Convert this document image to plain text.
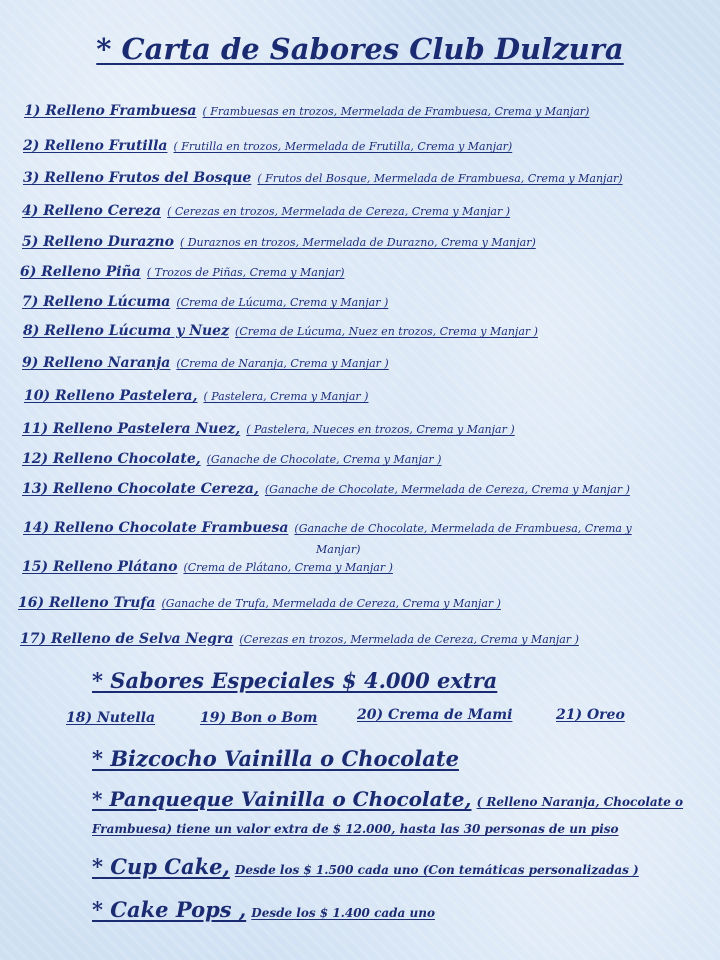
* Carta de Sabores Club Dulzura
1) Relleno Frambuesa ( Frambuesas en trozos, Mermelada de Frambuesa, Crema y Manjar)
2) Relleno Frutilla ( Frutilla en trozos, Mermelada de Frutilla, Crema y Manjar)
3) Relleno Frutos del Bosque ( Frutos del Bosque, Mermelada de Frambuesa, Crema y Manjar)
4) Relleno Cereza ( Cerezas en trozos, Mermelada de Cereza, Crema y Manjar )
5) Relleno Durazno ( Duraznos en trozos, Mermelada de Durazno, Crema y Manjar)
6) Relleno Piña ( Trozos de Piñas, Crema y Manjar)
7) Relleno Lúcuma (Crema de Lúcuma, Crema y Manjar )
8) Relleno Lúcuma y Nuez (Crema de Lúcuma, Nuez en trozos, Crema y Manjar )
9) Relleno Naranja (Crema de Naranja, Crema y Manjar )
10) Relleno Pastelera, ( Pastelera, Crema y Manjar )
11) Relleno Pastelera Nuez, ( Pastelera, Nueces en trozos, Crema y Manjar )
12) Relleno Chocolate, (Ganache de Chocolate, Crema y Manjar )
13) Relleno Chocolate Cereza, (Ganache de Chocolate, Mermelada de Cereza, Crema y Manjar )
14) Relleno Chocolate Frambuesa (Ganache de Chocolate, Mermelada de Frambuesa, Crema y
Manjar)
15) Relleno Plátano (Crema de Plátano, Crema y Manjar )
16) Relleno Trufa (Ganache de Trufa, Mermelada de Cereza, Crema y Manjar )
17) Relleno de Selva Negra (Cerezas en trozos, Mermelada de Cereza, Crema y Manjar )
* Sabores Especiales $ 4.000 extra
18) Nutella	19) Bon o Bom	20) Crema de Mami	21) Oreo
* Bizcocho Vainilla o Chocolate
* Panqueque Vainilla o Chocolate, ( Relleno Naranja, Chocolate o Frambuesa) tiene un valor extra de $ 12.000, hasta las 30 personas de un piso
* Cup Cake, Desde los $ 1.500 cada uno (Con temáticas personalizadas )
* Cake Pops , Desde los $ 1.400 cada uno
